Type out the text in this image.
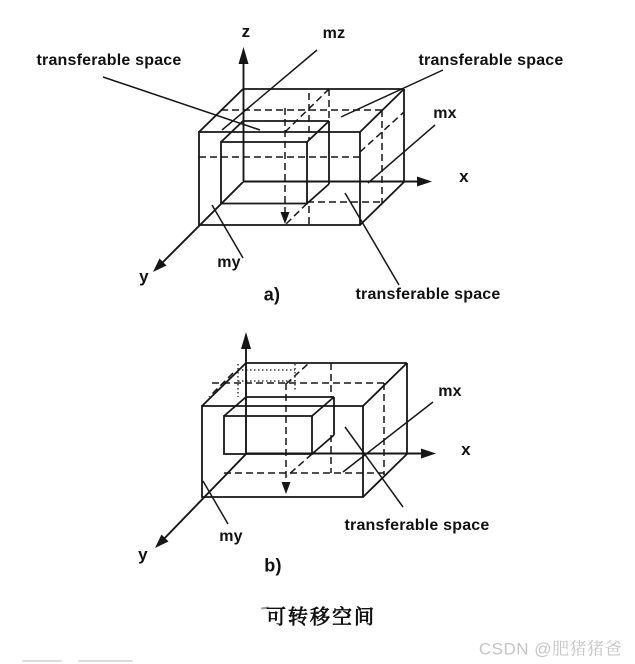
z	mz
transferable space	transferable space
mx
x
my
y
a)	transferable space
mx
x
my
y
b)
transferable space
可转移空间
CSDN @肥猪猪爸
